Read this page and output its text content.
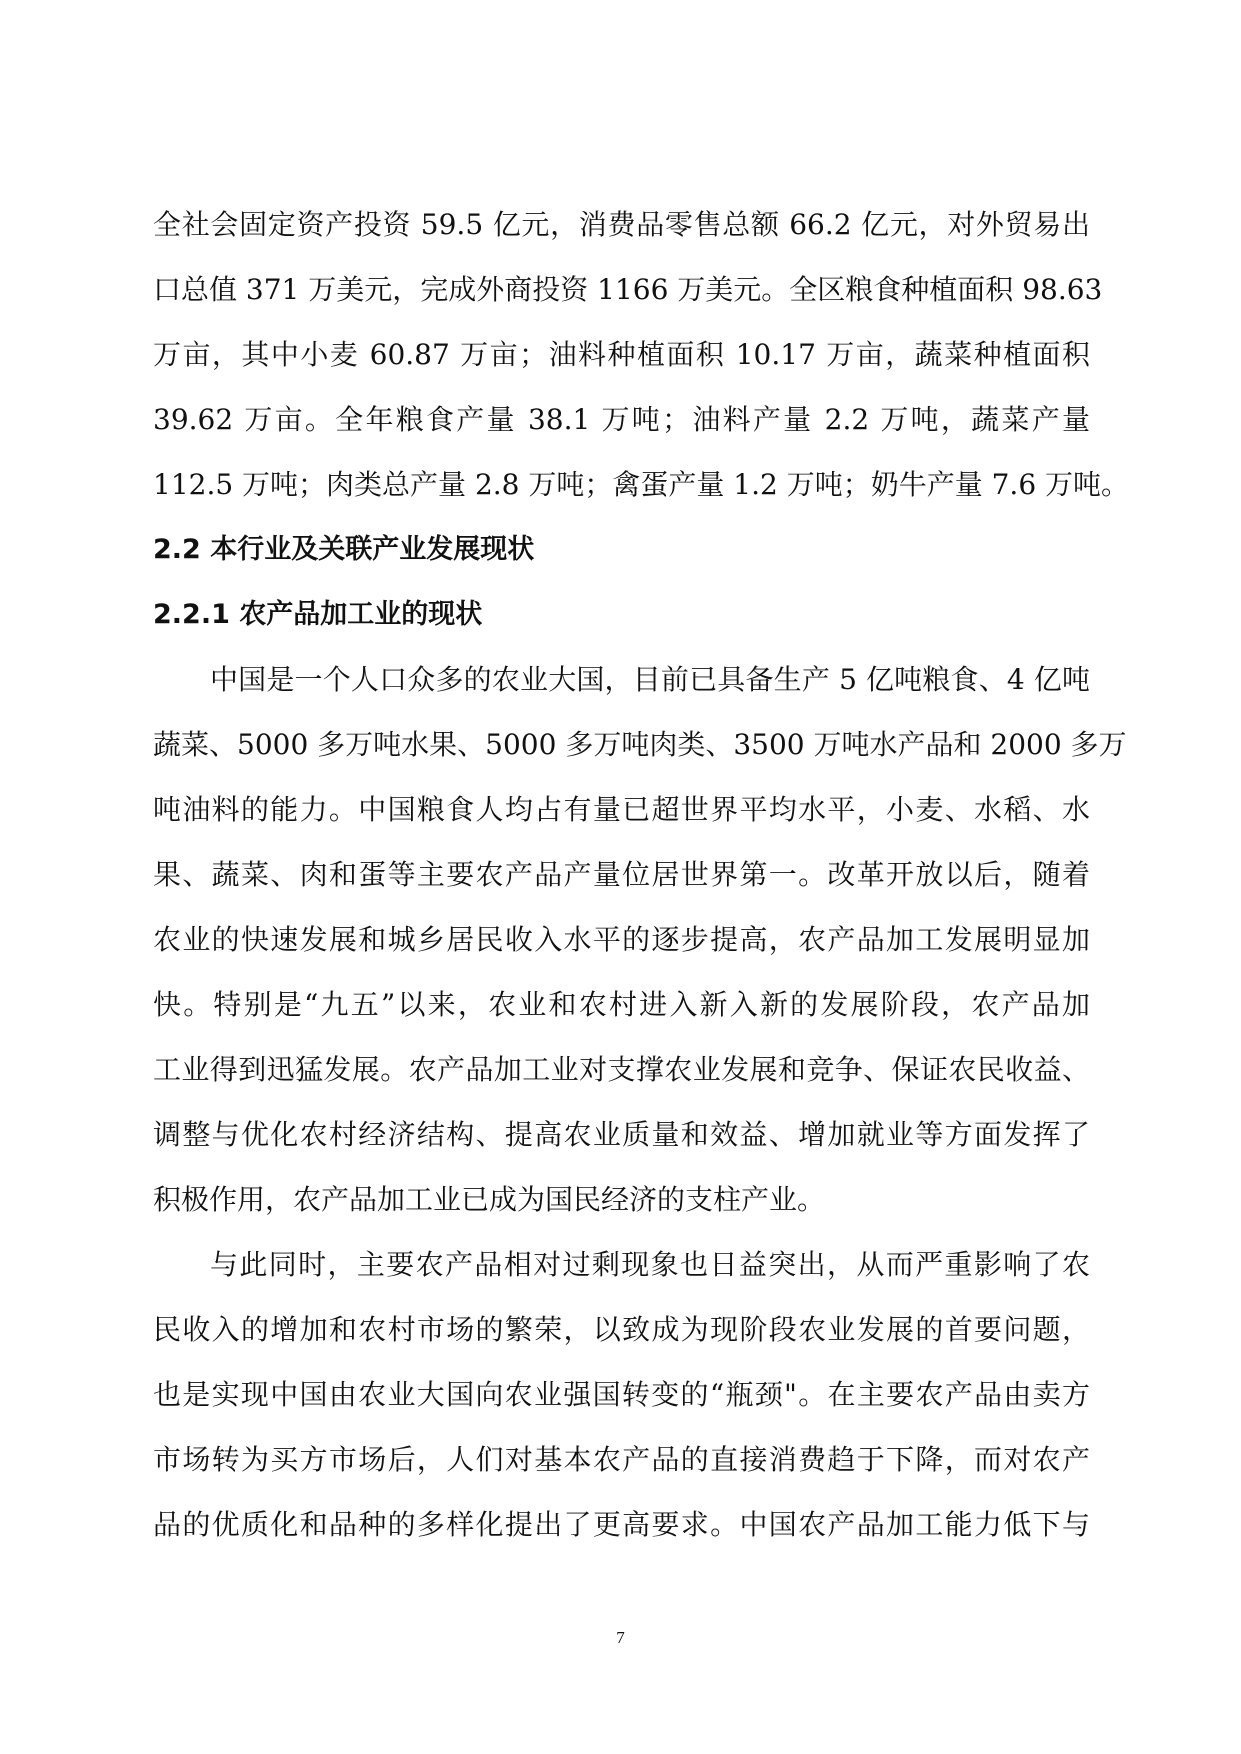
全社会固定资产投资 59.5 亿元，消费品零售总额 66.2 亿元，对外贸易出
口总值 371 万美元，完成外商投资 1166 万美元。全区粮食种植面积 98.63
万亩，其中小麦 60.87 万亩；油料种植面积 10.17 万亩，蔬菜种植面积
39.62 万亩。全年粮食产量 38.1 万吨；油料产量 2.2 万吨，蔬菜产量
112.5 万吨；肉类总产量 2.8 万吨；禽蛋产量 1.2 万吨；奶牛产量 7.6 万吨。
2.2 本行业及关联产业发展现状
2.2.1 农产品加工业的现状
中国是一个人口众多的农业大国，目前已具备生产 5 亿吨粮食、4 亿吨
蔬菜、5000 多万吨水果、5000 多万吨肉类、3500 万吨水产品和 2000 多万
吨油料的能力。中国粮食人均占有量已超世界平均水平，小麦、水稻、水
果、蔬菜、肉和蛋等主要农产品产量位居世界第一。改革开放以后，随着
农业的快速发展和城乡居民收入水平的逐步提高，农产品加工发展明显加
快。特别是“九五”以来，农业和农村进入新入新的发展阶段，农产品加
工业得到迅猛发展。农产品加工业对支撑农业发展和竞争、保证农民收益、
调整与优化农村经济结构、提高农业质量和效益、增加就业等方面发挥了
积极作用，农产品加工业已成为国民经济的支柱产业。
与此同时，主要农产品相对过剩现象也日益突出，从而严重影响了农
民收入的增加和农村市场的繁荣，以致成为现阶段农业发展的首要问题，
也是实现中国由农业大国向农业强国转变的“瓶颈"。在主要农产品由卖方
市场转为买方市场后，人们对基本农产品的直接消费趋于下降，而对农产
品的优质化和品种的多样化提出了更高要求。中国农产品加工能力低下与
7
